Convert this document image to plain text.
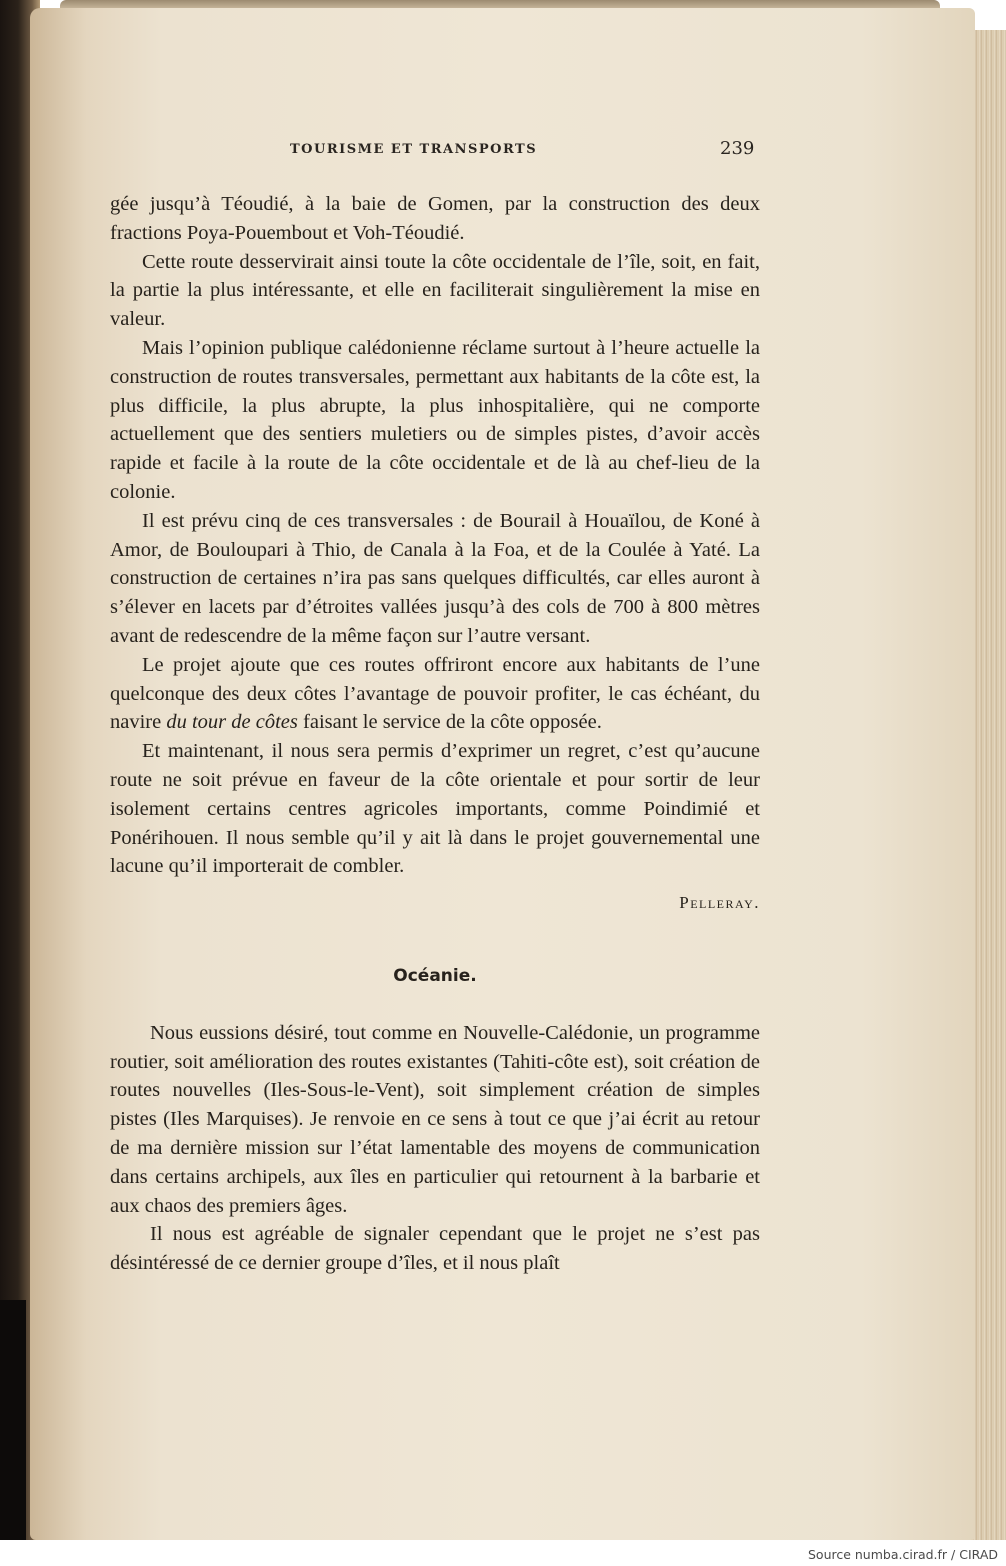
TOURISME ET TRANSPORTS	239

gée jusqu’à Téoudié, à la baie de Gomen, par la construction des deux fractions Poya-Pouembout et Voh-Téoudié.

Cette route desservirait ainsi toute la côte occidentale de l’île, soit, en fait, la partie la plus intéressante, et elle en faciliterait singulièrement la mise en valeur.

Mais l’opinion publique calédonienne réclame surtout à l’heure actuelle la construction de routes transversales, permettant aux habitants de la côte est, la plus difficile, la plus abrupte, la plus inhospitalière, qui ne comporte actuellement que des sentiers muletiers ou de simples pistes, d’avoir accès rapide et facile à la route de la côte occidentale et de là au chef-lieu de la colonie.

Il est prévu cinq de ces transversales : de Bourail à Houaïlou, de Koné à Amor, de Bouloupari à Thio, de Canala à la Foa, et de la Coulée à Yaté. La construction de certaines n’ira pas sans quelques difficultés, car elles auront à s’élever en lacets par d’étroites vallées jusqu’à des cols de 700 à 800 mètres avant de redescendre de la même façon sur l’autre versant.

Le projet ajoute que ces routes offriront encore aux habitants de l’une quelconque des deux côtes l’avantage de pouvoir profiter, le cas échéant, du navire du tour de côtes faisant le service de la côte opposée.

Et maintenant, il nous sera permis d’exprimer un regret, c’est qu’aucune route ne soit prévue en faveur de la côte orientale et pour sortir de leur isolement certains centres agricoles importants, comme Poindimié et Ponérihouen. Il nous semble qu’il y ait là dans le projet gouvernemental une lacune qu’il importerait de combler.

Pelleray.
Océanie.

Nous eussions désiré, tout comme en Nouvelle-Calédonie, un programme routier, soit amélioration des routes existantes (Tahiti-côte est), soit création de routes nouvelles (Iles-Sous-le-Vent), soit simplement création de simples pistes (Iles Marquises). Je renvoie en ce sens à tout ce que j’ai écrit au retour de ma dernière mission sur l’état lamentable des moyens de communication dans certains archipels, aux îles en particulier qui retournent à la barbarie et aux chaos des premiers âges.

Il nous est agréable de signaler cependant que le projet ne s’est pas désintéressé de ce dernier groupe d’îles, et il nous plaît

Source numba.cirad.fr / CIRAD
